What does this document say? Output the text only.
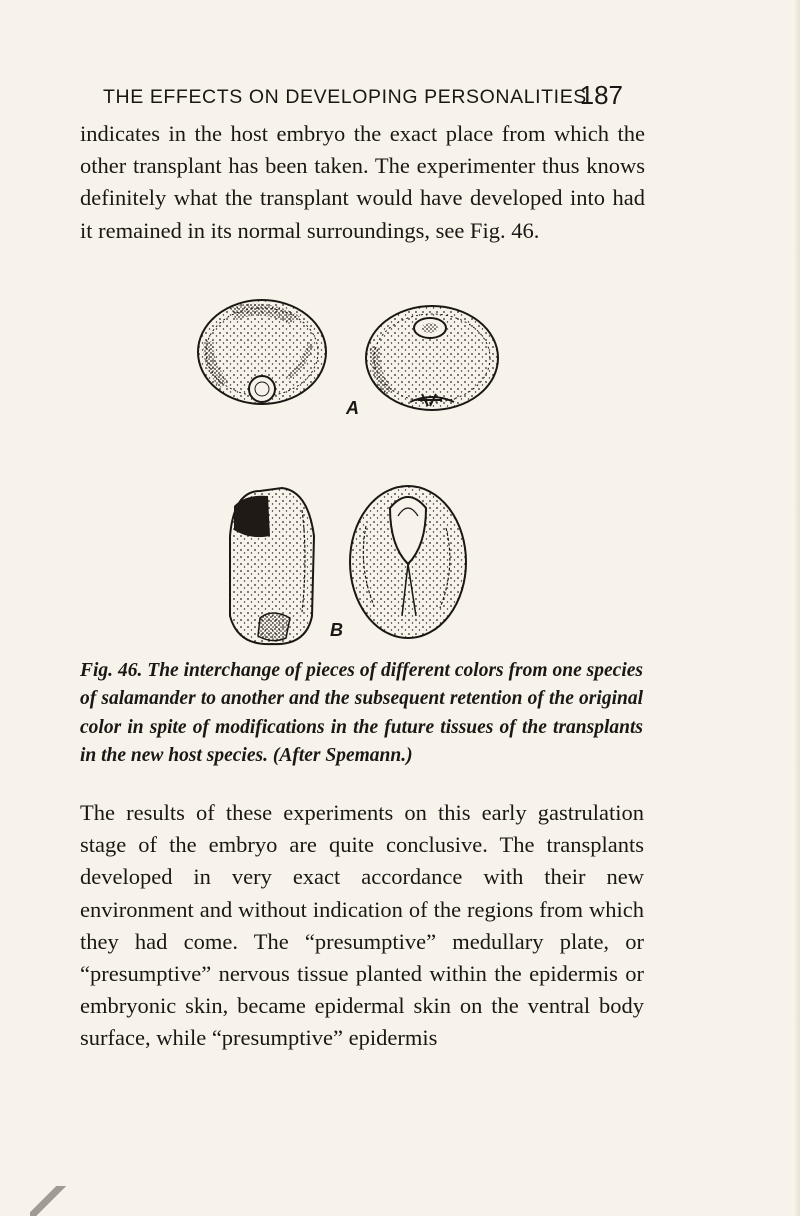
THE EFFECTS ON DEVELOPING PERSONALITIES
187

indicates in the host embryo the exact place from which the other transplant has been taken. The experimenter thus knows definitely what the transplant would have developed into had it remained in its normal surroundings, see Fig. 46.

A
B

Fig. 46. The interchange of pieces of different colors from one species of salamander to another and the subsequent retention of the original color in spite of modifications in the future tissues of the transplants in the new host species. (After Spemann.)

The results of these experiments on this early gastrulation stage of the embryo are quite conclusive. The transplants developed in very exact accordance with their new environment and without indication of the regions from which they had come. The “presumptive” medullary plate, or “presumptive” nervous tissue planted within the epidermis or embryonic skin, became epidermal skin on the ventral body surface, while “presumptive” epidermis
